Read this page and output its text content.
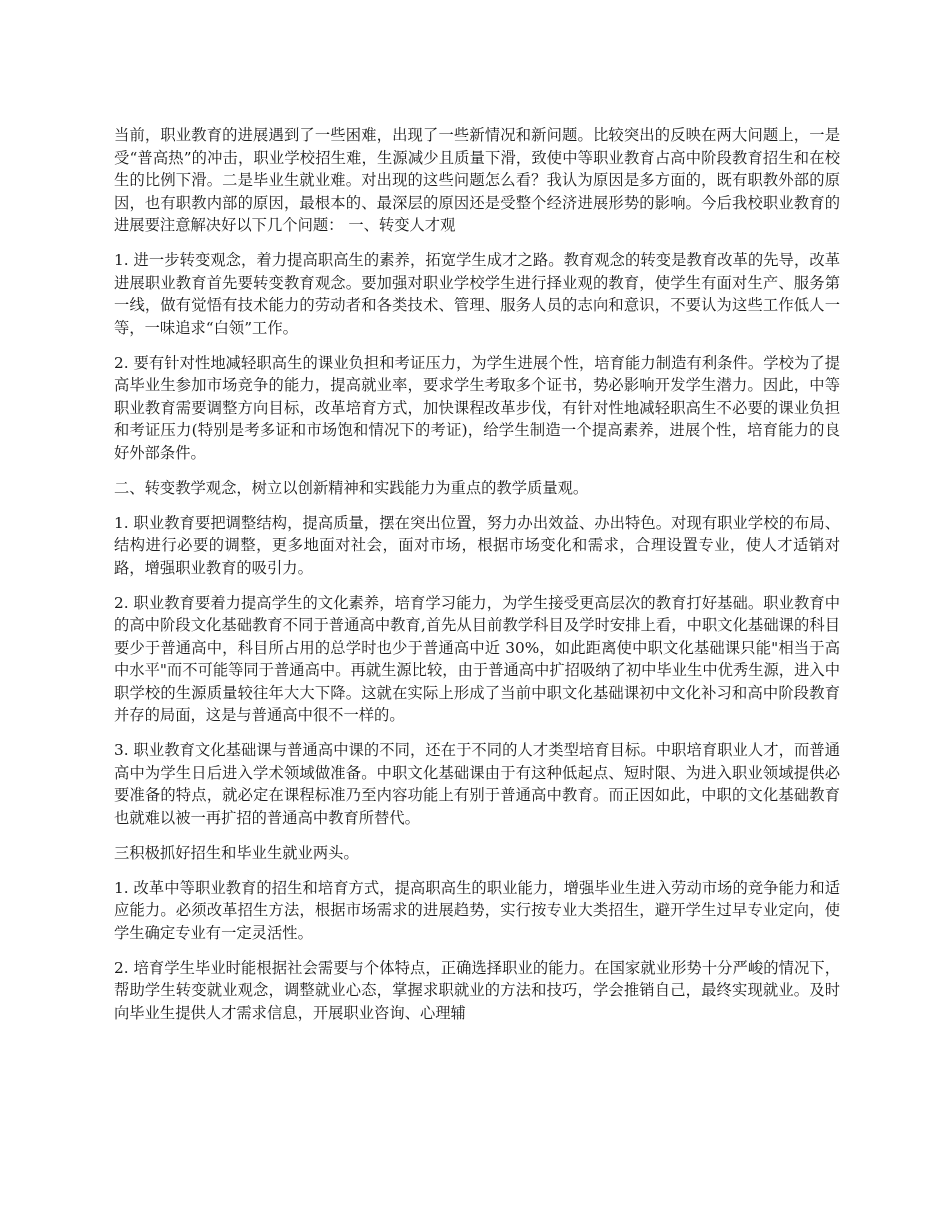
当前，职业教育的进展遇到了一些困难，出现了一些新情况和新问题。比较突出的反映在两大问题上，一是受“普高热”的冲击，职业学校招生难，生源减少且质量下滑，致使中等职业教育占高中阶段教育招生和在校生的比例下滑。二是毕业生就业难。对出现的这些问题怎么看？我认为原因是多方面的，既有职教外部的原因，也有职教内部的原因，最根本的、最深层的原因还是受整个经济进展形势的影响。今后我校职业教育的进展要注意解决好以下几个问题： 一、转变人才观

1. 进一步转变观念，着力提高职高生的素养，拓宽学生成才之路。教育观念的转变是教育改革的先导，改革进展职业教育首先要转变教育观念。要加强对职业学校学生进行择业观的教育，使学生有面对生产、服务第一线，做有觉悟有技术能力的劳动者和各类技术、管理、服务人员的志向和意识，不要认为这些工作低人一等，一味追求“白领”工作。

2. 要有针对性地减轻职高生的课业负担和考证压力，为学生进展个性，培育能力制造有利条件。学校为了提高毕业生参加市场竞争的能力，提高就业率，要求学生考取多个证书，势必影响开发学生潜力。因此，中等职业教育需要调整方向目标，改革培育方式，加快课程改革步伐，有针对性地减轻职高生不必要的课业负担和考证压力(特别是考多证和市场饱和情况下的考证)，给学生制造一个提高素养，进展个性，培育能力的良好外部条件。

二、转变教学观念，树立以创新精神和实践能力为重点的教学质量观。

1. 职业教育要把调整结构，提高质量，摆在突出位置，努力办出效益、办出特色。对现有职业学校的布局、结构进行必要的调整，更多地面对社会，面对市场，根据市场变化和需求，合理设置专业，使人才适销对路，增强职业教育的吸引力。

2. 职业教育要着力提高学生的文化素养，培育学习能力，为学生接受更高层次的教育打好基础。职业教育中的高中阶段文化基础教育不同于普通高中教育,首先从目前教学科目及学时安排上看，中职文化基础课的科目要少于普通高中，科目所占用的总学时也少于普通高中近 30%，如此距离使中职文化基础课只能"相当于高中水平"而不可能等同于普通高中。再就生源比较，由于普通高中扩招吸纳了初中毕业生中优秀生源，进入中职学校的生源质量较往年大大下降。这就在实际上形成了当前中职文化基础课初中文化补习和高中阶段教育并存的局面，这是与普通高中很不一样的。

3. 职业教育文化基础课与普通高中课的不同，还在于不同的人才类型培育目标。中职培育职业人才，而普通高中为学生日后进入学术领域做准备。中职文化基础课由于有这种低起点、短时限、为进入职业领域提供必要准备的特点，就必定在课程标准乃至内容功能上有别于普通高中教育。而正因如此，中职的文化基础教育也就难以被一再扩招的普通高中教育所替代。

三积极抓好招生和毕业生就业两头。

1. 改革中等职业教育的招生和培育方式，提高职高生的职业能力，增强毕业生进入劳动市场的竞争能力和适应能力。必须改革招生方法，根据市场需求的进展趋势，实行按专业大类招生，避开学生过早专业定向，使学生确定专业有一定灵活性。

2. 培育学生毕业时能根据社会需要与个体特点，正确选择职业的能力。在国家就业形势十分严峻的情况下，帮助学生转变就业观念，调整就业心态，掌握求职就业的方法和技巧，学会推销自己，最终实现就业。及时向毕业生提供人才需求信息，开展职业咨询、心理辅
